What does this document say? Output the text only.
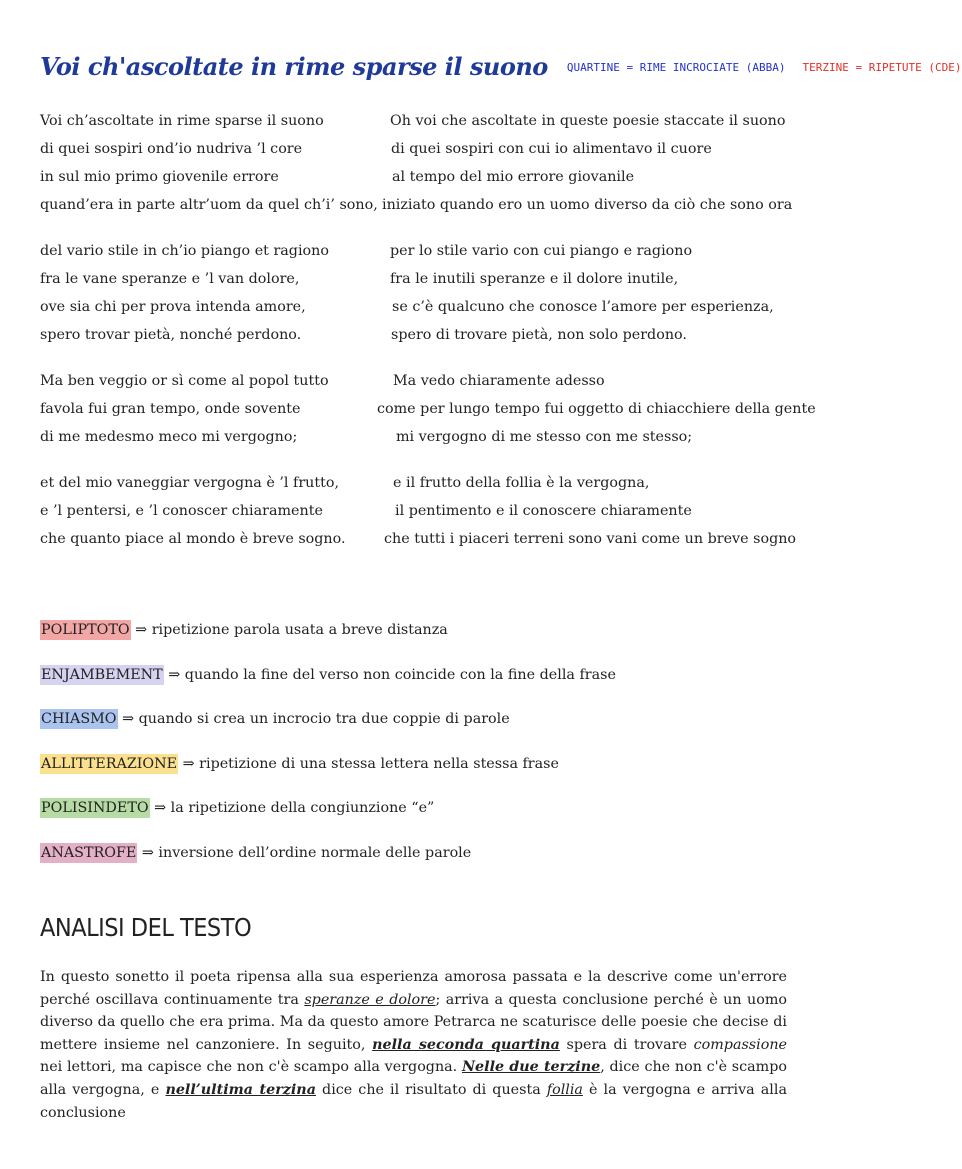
Voi ch'ascoltate in rime sparse il suono $^{QUARTINE = RIME INCROCIATE (ABBA)}$ $^{TERZINE = RIPETUTE (CDE)}$
Voi ch’ascoltate in rime sparse il suono	Oh voi che ascoltate in queste poesie staccate il suono
di quei sospiri ond’io nudriva ’l core	di quei sospiri con cui io alimentavo il cuore
in sul mio primo giovenile errore	al tempo del mio errore giovanile
quand’era in parte altr’uom da quel ch’i’ sono, iniziato quando ero un uomo diverso da ciò che sono ora
del vario stile in ch’io piango et ragiono	per lo stile vario con cui piango e ragiono
fra le vane speranze e ’l van dolore,	fra le inutili speranze e il dolore inutile,
ove sia chi per prova intenda amore,	se c’è qualcuno che conosce l’amore per esperienza,
spero trovar pietà, nonché perdono.	spero di trovare pietà, non solo perdono.
Ma ben veggio or sì come al popol tutto	Ma vedo chiaramente adesso
favola fui gran tempo, onde sovente	come per lungo tempo fui oggetto di chiacchiere della gente
di me medesmo meco mi vergogno;	mi vergogno di me stesso con me stesso;
et del mio vaneggiar vergogna è ’l frutto,	e il frutto della follia è la vergogna,
e ’l pentersi, e ’l conoscer chiaramente	il pentimento e il conoscere chiaramente
che quanto piace al mondo è breve sogno.	che tutti i piaceri terreni sono vani come un breve sogno
POLIPTOTO ⇒ ripetizione parola usata a breve distanza
ENJAMBEMENT ⇒ quando la fine del verso non coincide con la fine della frase
CHIASMO ⇒ quando si crea un incrocio tra due coppie di parole
ALLITTERAZIONE ⇒ ripetizione di una stessa lettera nella stessa frase
POLISINDETO ⇒ la ripetizione della congiunzione “e”
ANASTROFE ⇒ inversione dell’ordine normale delle parole
ANALISI DEL TESTO
In questo sonetto il poeta ripensa alla sua esperienza amorosa passata e la descrive come un'errore perché oscillava continuamente tra speranze e dolore; arriva a questa conclusione perché è un uomo diverso da quello che era prima. Ma da questo amore Petrarca ne scaturisce delle poesie che decise di mettere insieme nel canzoniere. In seguito, nella seconda quartina spera di trovare compassione nei lettori, ma capisce che non c'è scampo alla vergogna. Nelle due terzine, dice che non c'è scampo alla vergogna, e nell’ultima terzina dice che il risultato di questa follia è la vergogna e arriva alla conclusione
